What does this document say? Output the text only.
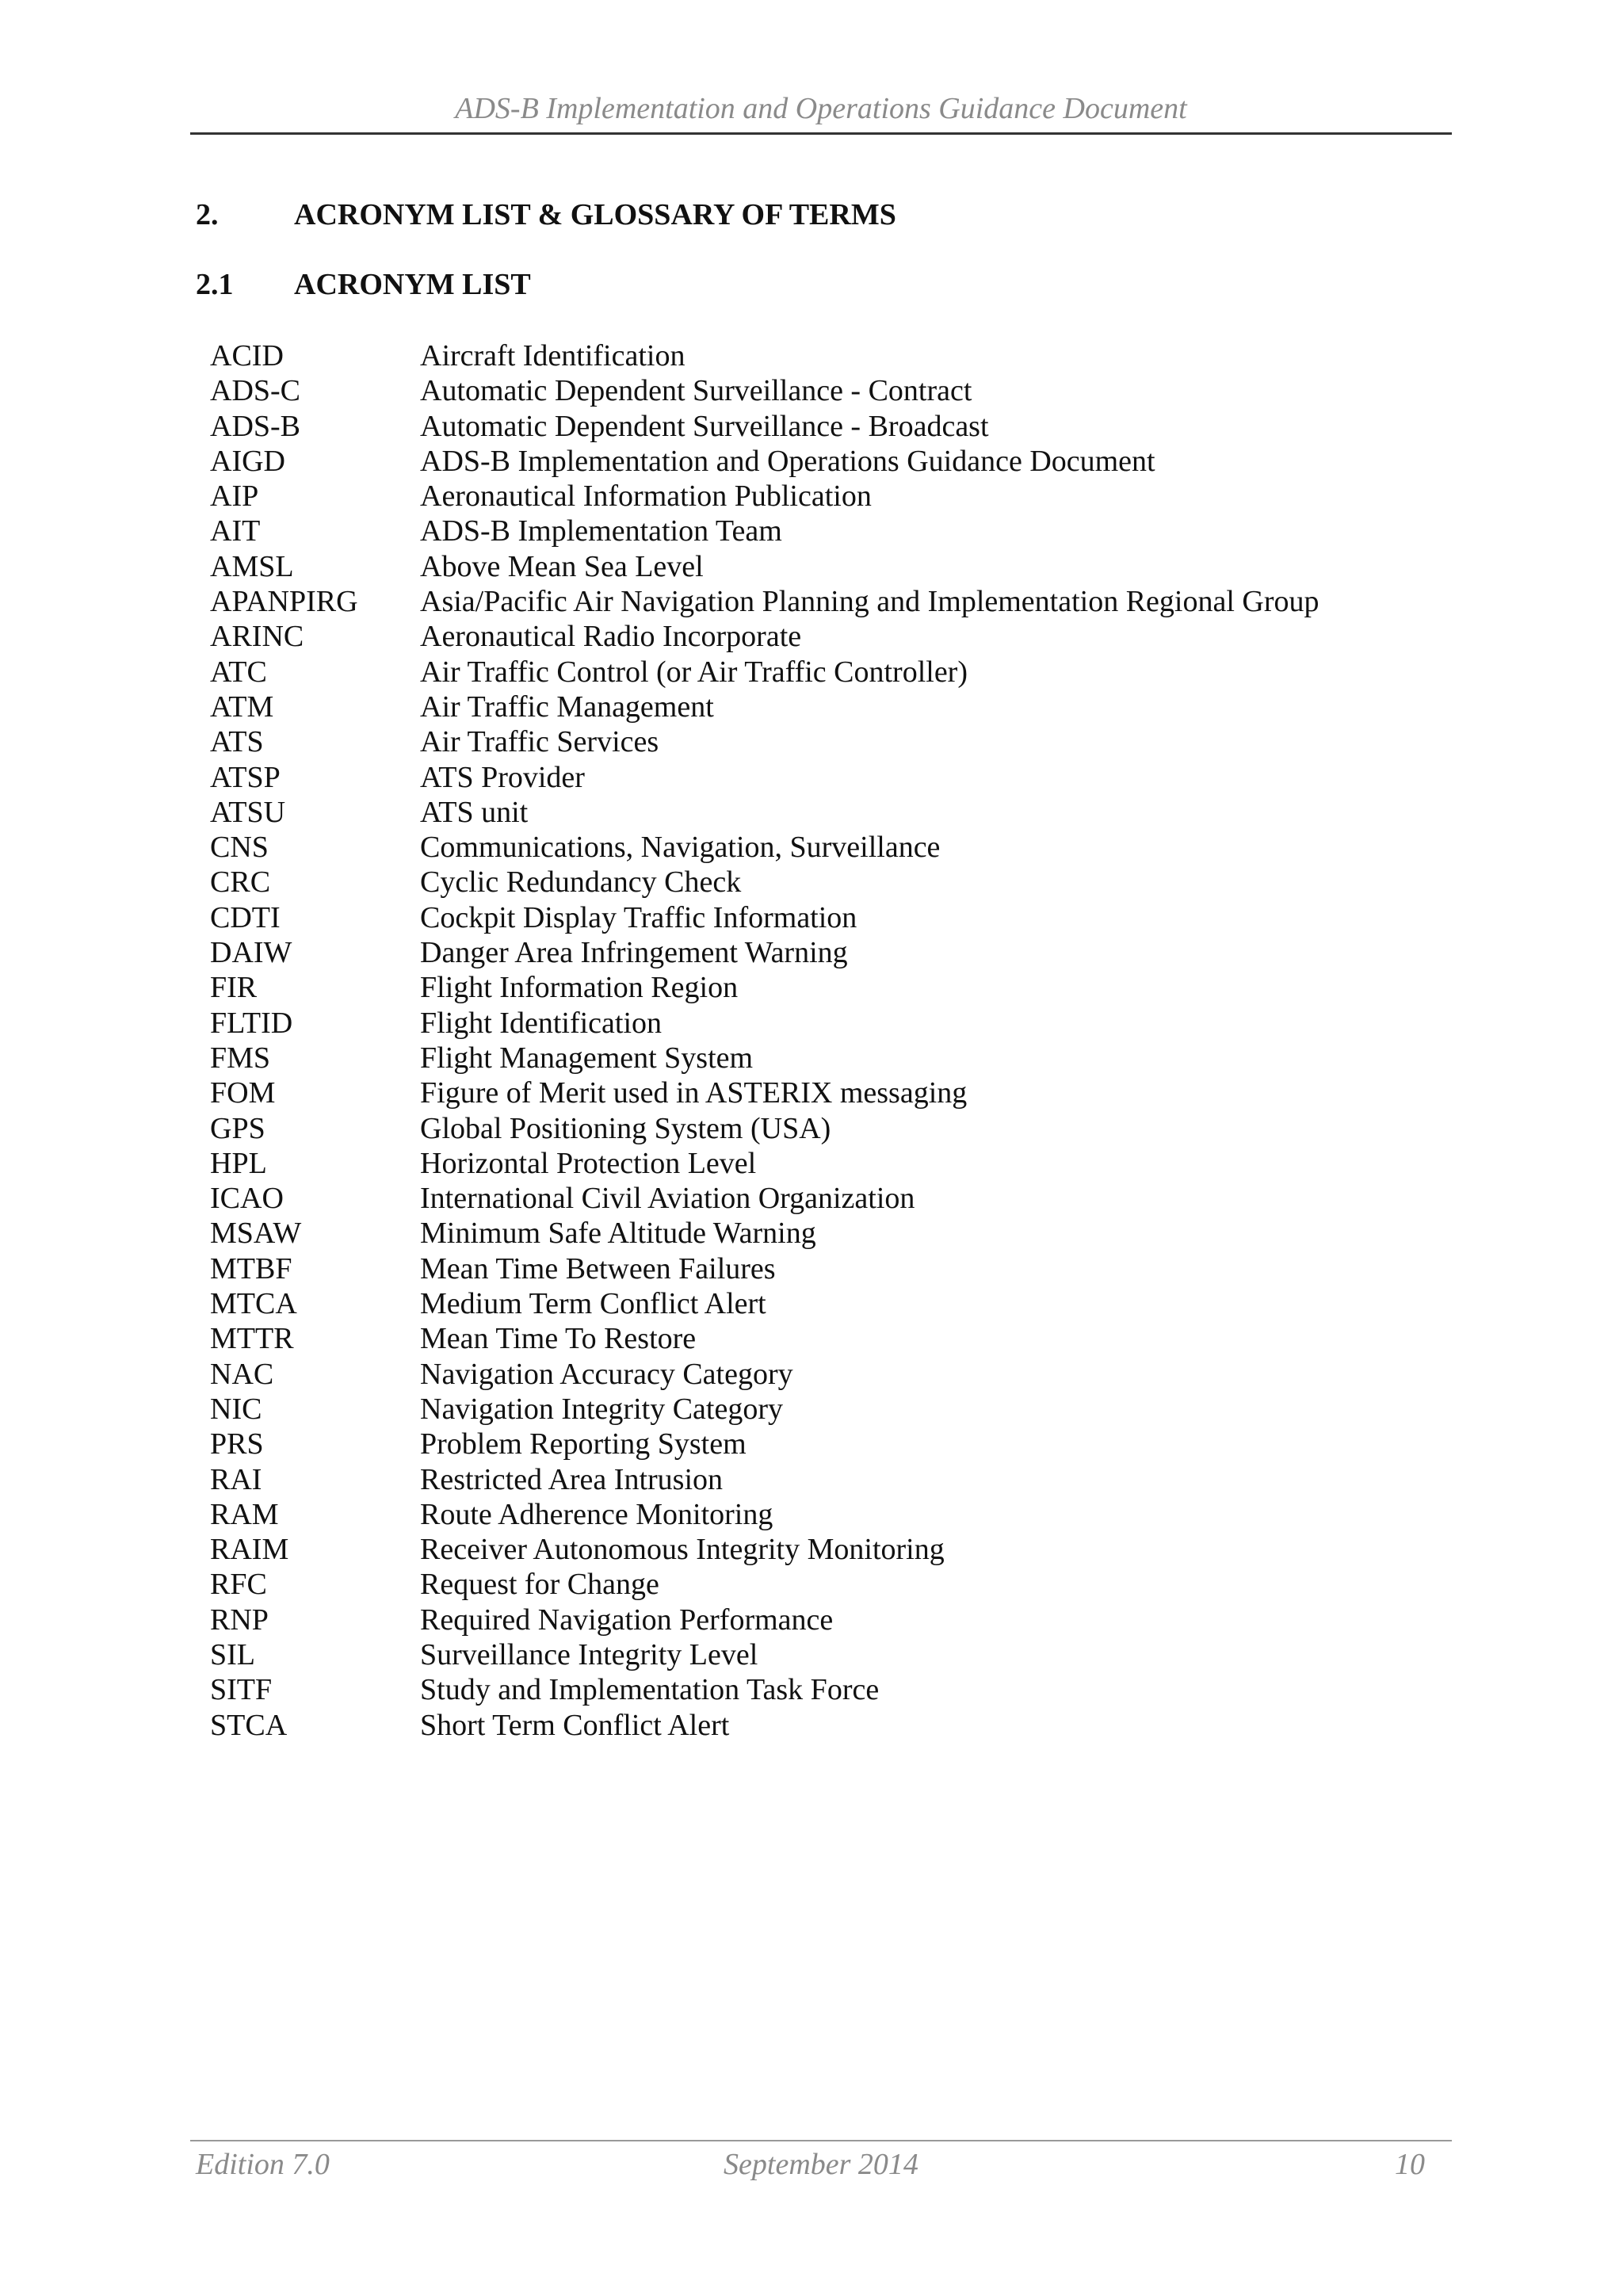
ADS-B Implementation and Operations Guidance Document
2.	ACRONYM LIST & GLOSSARY OF TERMS
2.1 ACRONYM LIST
ACID	Aircraft Identification
ADS-C	Automatic Dependent Surveillance - Contract
ADS-B	Automatic Dependent Surveillance - Broadcast
AIGD	ADS-B Implementation and Operations Guidance Document
AIP	Aeronautical Information Publication
AIT	ADS-B Implementation Team
AMSL	Above Mean Sea Level
APANPIRG Asia/Pacific Air Navigation Planning and Implementation Regional Group
ARINC	Aeronautical Radio Incorporate
ATC	Air Traffic Control (or Air Traffic Controller)
ATM	Air Traffic Management
ATS	Air Traffic Services
ATSP	ATS Provider
ATSU	ATS unit
CNS	Communications, Navigation, Surveillance
CRC	Cyclic Redundancy Check
CDTI	Cockpit Display Traffic Information
DAIW	Danger Area Infringement Warning
FIR	Flight Information Region
FLTID	Flight Identification
FMS	Flight Management System
FOM	Figure of Merit used in ASTERIX messaging
GPS	Global Positioning System (USA)
HPL	Horizontal Protection Level
ICAO	International Civil Aviation Organization
MSAW	Minimum Safe Altitude Warning
MTBF	Mean Time Between Failures
MTCA	Medium Term Conflict Alert
MTTR	Mean Time To Restore
NAC	Navigation Accuracy Category
NIC	Navigation Integrity Category
PRS	Problem Reporting System
RAI	Restricted Area Intrusion
RAM	Route Adherence Monitoring
RAIM	Receiver Autonomous Integrity Monitoring
RFC	Request for Change
RNP	Required Navigation Performance
SIL	Surveillance Integrity Level
SITF	Study and Implementation Task Force
STCA	Short Term Conflict Alert
Edition 7.0	September 2014	10
